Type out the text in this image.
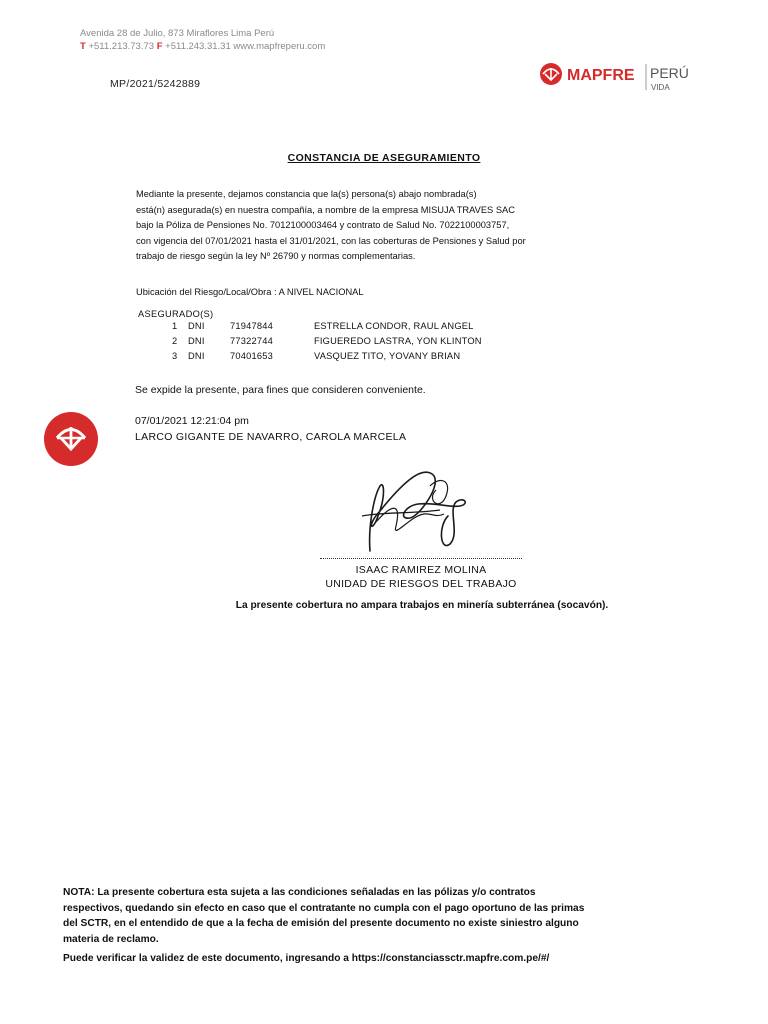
Avenida 28 de Julio, 873 Miraflores Lima Perú
T +511.213.73.73 F +511.243.31.31 www.mapfreperu.com
MP/2021/5242889	MAPFRE PERÚ
VIDA
CONSTANCIA DE ASEGURAMIENTO
Mediante la presente, dejamos constancia que la(s) persona(s) abajo nombrada(s)
está(n) asegurada(s) en nuestra compañía, a nombre de la empresa MISUJA TRAVES SAC
bajo la Póliza de Pensiones No. 7012100003464 y contrato de Salud No. 7022100003757,
con vigencia del 07/01/2021 hasta el 31/01/2021, con las coberturas de Pensiones y Salud por
trabajo de riesgo según la ley Nº 26790 y normas complementarias.
Ubicación del Riesgo/Local/Obra : A NIVEL NACIONAL
ASEGURADO(S)
1 DNI	71947844	ESTRELLA CONDOR, RAUL ANGEL
2 DNI	77322744	FIGUEREDO LASTRA, YON KLINTON
3 DNI	70401653	VASQUEZ TITO, YOVANY BRIAN
Se expide la presente, para fines que consideren conveniente.
07/01/2021 12:21:04 pm
LARCO GIGANTE DE NAVARRO, CAROLA MARCELA
ISAAC RAMIREZ MOLINA
UNIDAD DE RIESGOS DEL TRABAJO
La presente cobertura no ampara trabajos en minería subterránea (socavón).
NOTA: La presente cobertura esta sujeta a las condiciones señaladas en las pólizas y/o contratos
respectivos, quedando sin efecto en caso que el contratante no cumpla con el pago oportuno de las primas
del SCTR, en el entendido de que a la fecha de emisión del presente documento no existe siniestro alguno
materia de reclamo.
Puede verificar la validez de este documento, ingresando a https://constanciassctr.mapfre.com.pe/#/
